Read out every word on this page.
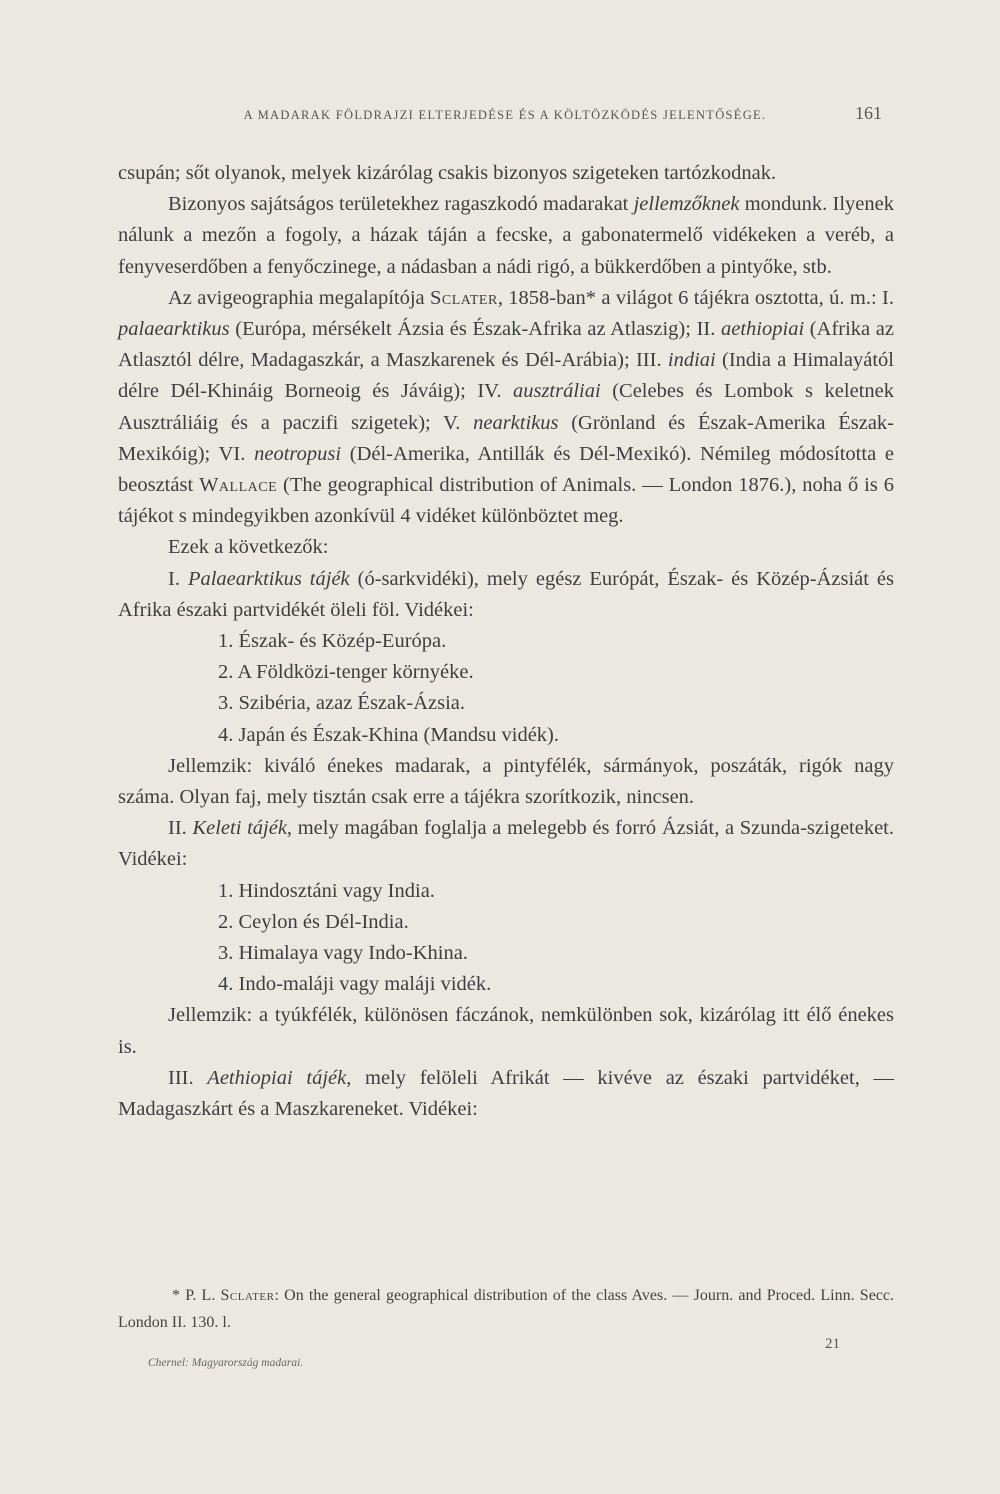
A MADARAK FÖLDRAJZI ELTERJEDÉSE ÉS A KÖLTÖZKÖDÉS JELENTŐSÉGE.	161

csupán; sőt olyanok, melyek kizárólag csakis bizonyos szigeteken tartózkodnak.

Bizonyos sajátságos területekhez ragaszkodó madarakat jellemzőknek mondunk. Ilyenek nálunk a mezőn a fogoly, a házak táján a fecske, a gabonatermelő vidékeken a veréb, a fenyveserdőben a fenyőczinege, a nádasban a nádi rigó, a bükkerdőben a pintyőke, stb.

Az avigeographia megalapítója Sclater, 1858-ban* a világot 6 tájékra osztotta, ú. m.: I. palaearktikus (Európa, mérsékelt Ázsia és Észak-Afrika az Atlaszig); II. aethiopiai (Afrika az Atlasztól délre, Madagaszkár, a Maszkarenek és Dél-Arábia); III. indiai (India a Himalayától délre Dél-Khináig Borneoig és Jáváig); IV. ausztráliai (Celebes és Lombok s keletnek Ausztráliáig és a paczifi szigetek); V. nearktikus (Grönland és Észak-Amerika Észak-Mexikóig); VI. neotropusi (Dél-Amerika, Antillák és Dél-Mexikó). Némileg módosította e beosztást Wallace (The geographical distribution of Animals. — London 1876.), noha ő is 6 tájékot s mindegyikben azonkívül 4 vidéket különböztet meg.

Ezek a következők:

I. Palaearktikus tájék (ó-sarkvidéki), mely egész Európát, Észak- és Közép-Ázsiát és Afrika északi partvidékét öleli föl. Vidékei:

1. Észak- és Közép-Európa.

2. A Földközi-tenger környéke.

3. Szibéria, azaz Észak-Ázsia.

4. Japán és Észak-Khina (Mandsu vidék).

Jellemzik: kiváló énekes madarak, a pintyfélék, sármányok, poszáták, rigók nagy száma. Olyan faj, mely tisztán csak erre a tájékra szorítkozik, nincsen.

II. Keleti tájék, mely magában foglalja a melegebb és forró Ázsiát, a Szunda-szigeteket. Vidékei:

1. Hindosztáni vagy India.

2. Ceylon és Dél-India.

3. Himalaya vagy Indo-Khina.

4. Indo-maláji vagy maláji vidék.

Jellemzik: a tyúkfélék, különösen fáczánok, nemkülönben sok, kizárólag itt élő énekes is.

III. Aethiopiai tájék, mely felöleli Afrikát — kivéve az északi partvidéket, — Madagaszkárt és a Maszkareneket. Vidékei:

* P. L. Sclater: On the general geographical distribution of the class Aves. — Journ. and Proced. Linn. Secc. London II. 130. l.

21
Chernel: Magyarország madarai.
